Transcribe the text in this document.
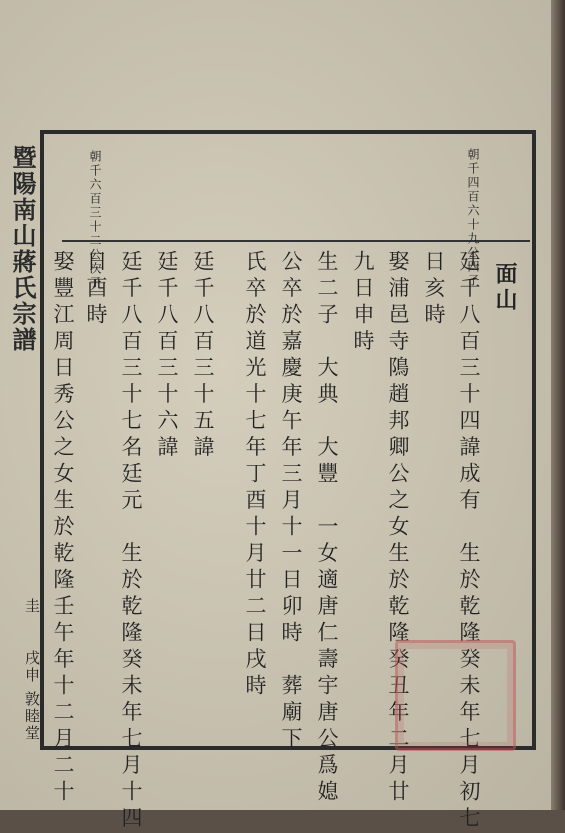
暨陽南山蔣氏宗譜	朝千四百六十九公四子
朝千六百三十二公次子	面山
廷千八百三十四諱成有　生於乾隆癸未年七月初七
日亥時
娶浦邑寺隝趙邦卿公之女生於乾隆癸丑年二月廿
九日申時
生二子　大典　大豐　一女適唐仁壽宇唐公爲媳
公卒於嘉慶庚午年三月十一日卯時　葬廟下
氏卒於道光十七年丁酉十月廿二日戌時
廷千八百三十五諱
廷千八百三十六諱
廷千八百三十七名廷元　生於乾隆癸未年七月十四
日酉時
娶豐江周日秀公之女生於乾隆壬午年十二月二十
圭
戌申 敦睦堂
